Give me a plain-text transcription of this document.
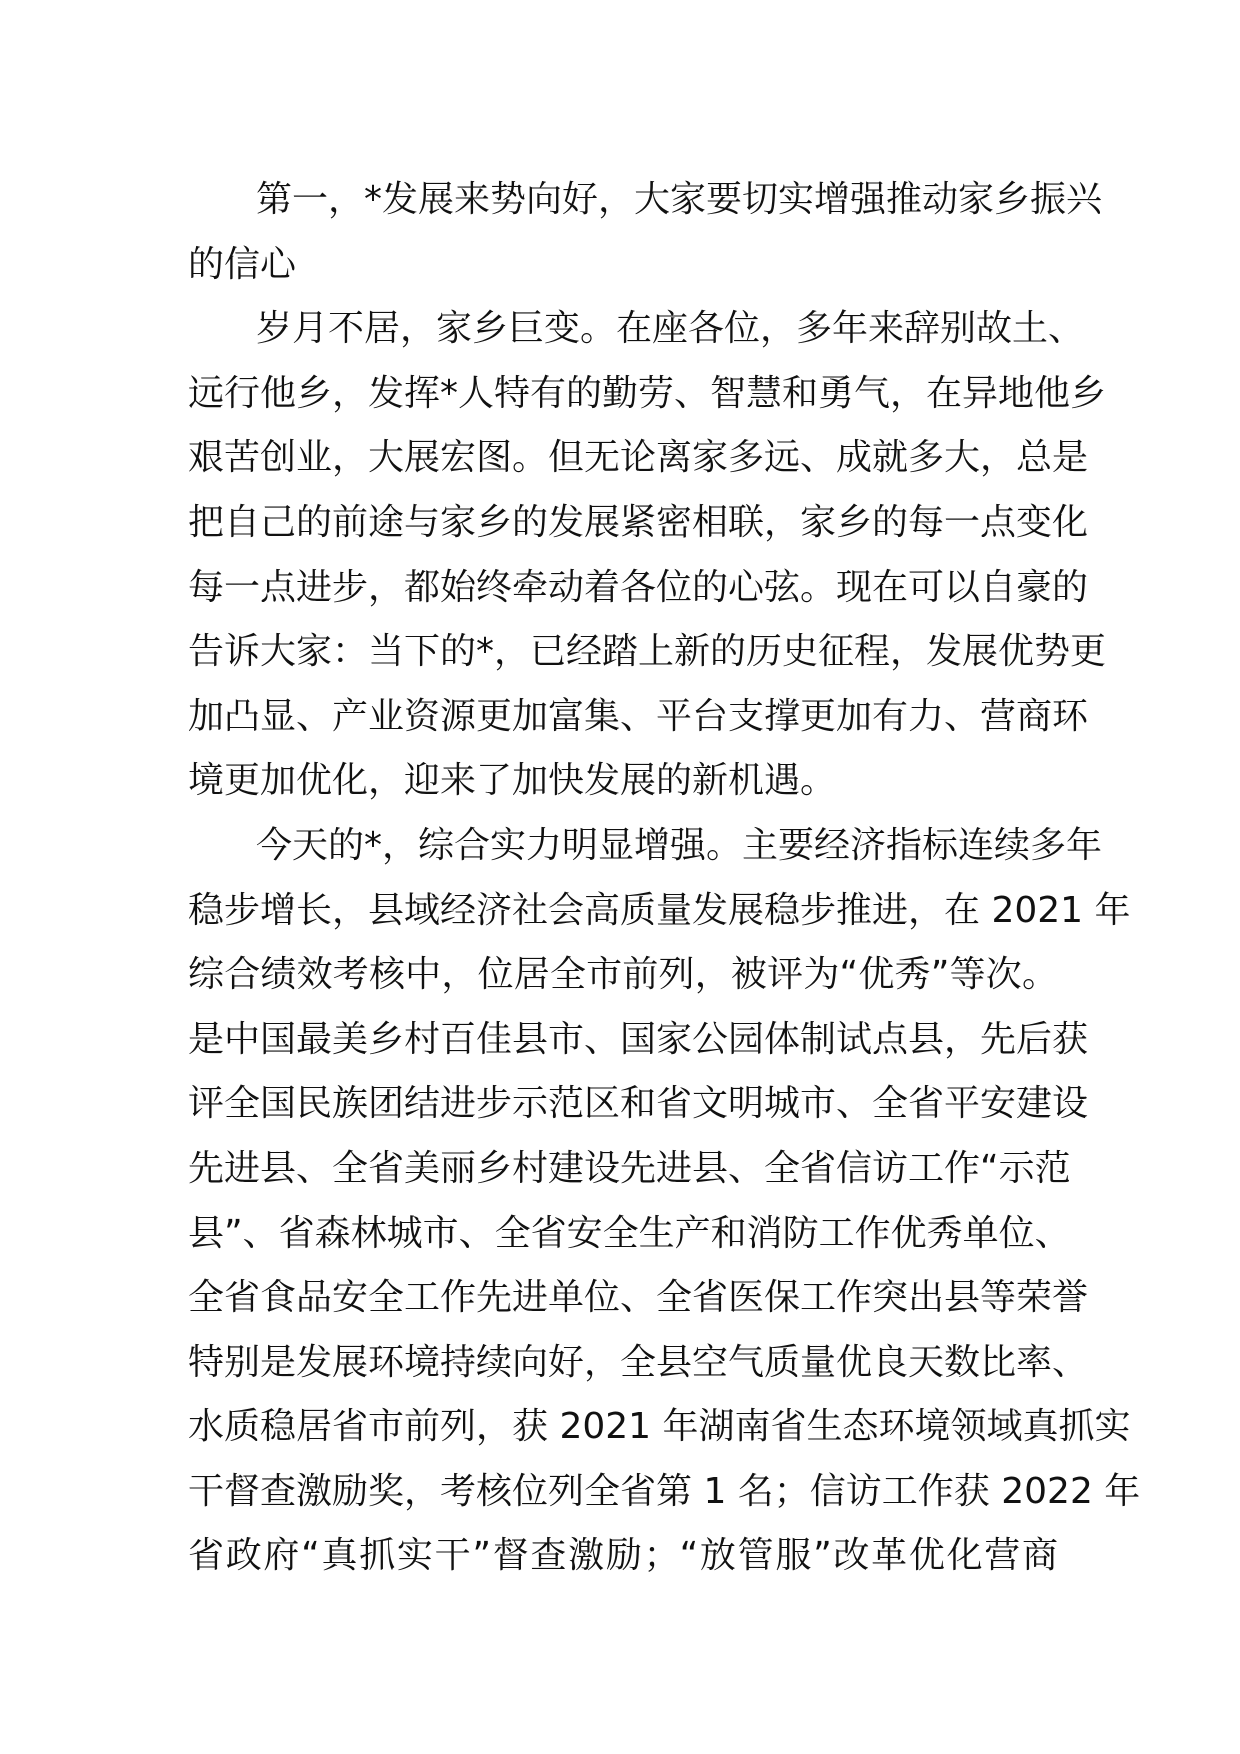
第一，*发展来势向好，大家要切实增强推动家乡振兴
的信心
岁月不居，家乡巨变。在座各位，多年来辞别故土、
远行他乡，发挥*人特有的勤劳、智慧和勇气，在异地他乡
艰苦创业，大展宏图。但无论离家多远、成就多大，总是
把自己的前途与家乡的发展紧密相联，家乡的每一点变化
每一点进步，都始终牵动着各位的心弦。现在可以自豪的
告诉大家：当下的*，已经踏上新的历史征程，发展优势更
加凸显、产业资源更加富集、平台支撑更加有力、营商环
境更加优化，迎来了加快发展的新机遇。
今天的*，综合实力明显增强。主要经济指标连续多年
稳步增长，县域经济社会高质量发展稳步推进，在 2021 年
综合绩效考核中，位居全市前列，被评为“优秀”等次。
是中国最美乡村百佳县市、国家公园体制试点县，先后获
评全国民族团结进步示范区和省文明城市、全省平安建设
先进县、全省美丽乡村建设先进县、全省信访工作“示范
县”、省森林城市、全省安全生产和消防工作优秀单位、
全省食品安全工作先进单位、全省医保工作突出县等荣誉
特别是发展环境持续向好，全县空气质量优良天数比率、
水质稳居省市前列，获 2021 年湖南省生态环境领域真抓实
干督查激励奖，考核位列全省第 1 名；信访工作获 2022 年
省政府“真抓实干”督查激励；“放管服”改革优化营商
